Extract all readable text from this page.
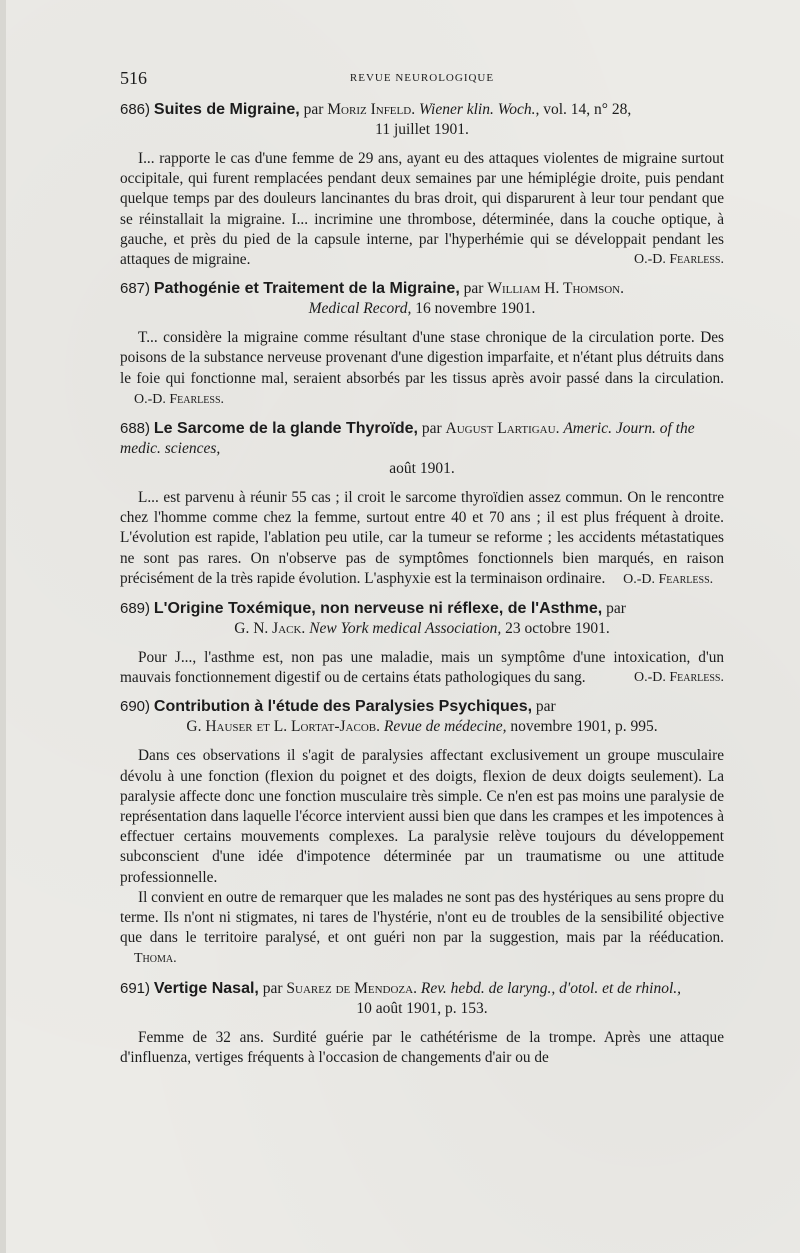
516	REVUE NEUROLOGIQUE
686) Suites de Migraine, par Moriz Infeld. Wiener klin. Woch., vol. 14, n° 28,
11 juillet 1901.

I... rapporte le cas d'une femme de 29 ans, ayant eu des attaques violentes de migraine surtout occipitale, qui furent remplacées pendant deux semaines par une hémiplégie droite, puis pendant quelque temps par des douleurs lancinantes du bras droit, qui disparurent à leur tour pendant que se réinstallait la migraine. I... incrimine une thrombose, déterminée, dans la couche optique, à gauche, et près du pied de la capsule interne, par l'hyperhémie qui se développait pendant les attaques de migraine.	O.-D. Fearless.

687) Pathogénie et Traitement de la Migraine, par William H. Thomson.
Medical Record, 16 novembre 1901.

T... considère la migraine comme résultant d'une stase chronique de la circulation porte. Des poisons de la substance nerveuse provenant d'une digestion imparfaite, et n'étant plus détruits dans le foie qui fonctionne mal, seraient absorbés par les tissus après avoir passé dans la circulation. O.-D. Fearless.

688) Le Sarcome de la glande Thyroïde, par August Lartigau. Americ. Journ. of the medic. sciences,
août 1901.

L... est parvenu à réunir 55 cas ; il croit le sarcome thyroïdien assez commun. On le rencontre chez l'homme comme chez la femme, surtout entre 40 et 70 ans ; il est plus fréquent à droite. L'évolution est rapide, l'ablation peu utile, car la tumeur se reforme ; les accidents métastatiques ne sont pas rares. On n'observe pas de symptômes fonctionnels bien marqués, en raison précisément de la très rapide évolution. L'asphyxie est la terminaison ordinaire. O.-D. Fearless.

689) L'Origine Toxémique, non nerveuse ni réflexe, de l'Asthme, par
G. N. Jack. New York medical Association, 23 octobre 1901.

Pour J..., l'asthme est, non pas une maladie, mais un symptôme d'une intoxication, d'un mauvais fonctionnement digestif ou de certains états pathologiques du sang.	O.-D. Fearless.

690) Contribution à l'étude des Paralysies Psychiques, par
G. Hauser et L. Lortat-Jacob. Revue de médecine, novembre 1901, p. 995.

Dans ces observations il s'agit de paralysies affectant exclusivement un groupe musculaire dévolu à une fonction (flexion du poignet et des doigts, flexion de deux doigts seulement). La paralysie affecte donc une fonction musculaire très simple. Ce n'en est pas moins une paralysie de représentation dans laquelle l'écorce intervient aussi bien que dans les crampes et les impotences à effectuer certains mouvements complexes. La paralysie relève toujours du développement subconscient d'une idée d'impotence déterminée par un traumatisme ou une attitude professionnelle.

Il convient en outre de remarquer que les malades ne sont pas des hystériques au sens propre du terme. Ils n'ont ni stigmates, ni tares de l'hystérie, n'ont eu de troubles de la sensibilité objective que dans le territoire paralysé, et ont guéri non par la suggestion, mais par la rééducation. Thoma.

691) Vertige Nasal, par Suarez de Mendoza. Rev. hebd. de laryng., d'otol. et de rhinol.,
10 août 1901, p. 153.

Femme de 32 ans. Surdité guérie par le cathétérisme de la trompe. Après une attaque d'influenza, vertiges fréquents à l'occasion de changements d'air ou de
